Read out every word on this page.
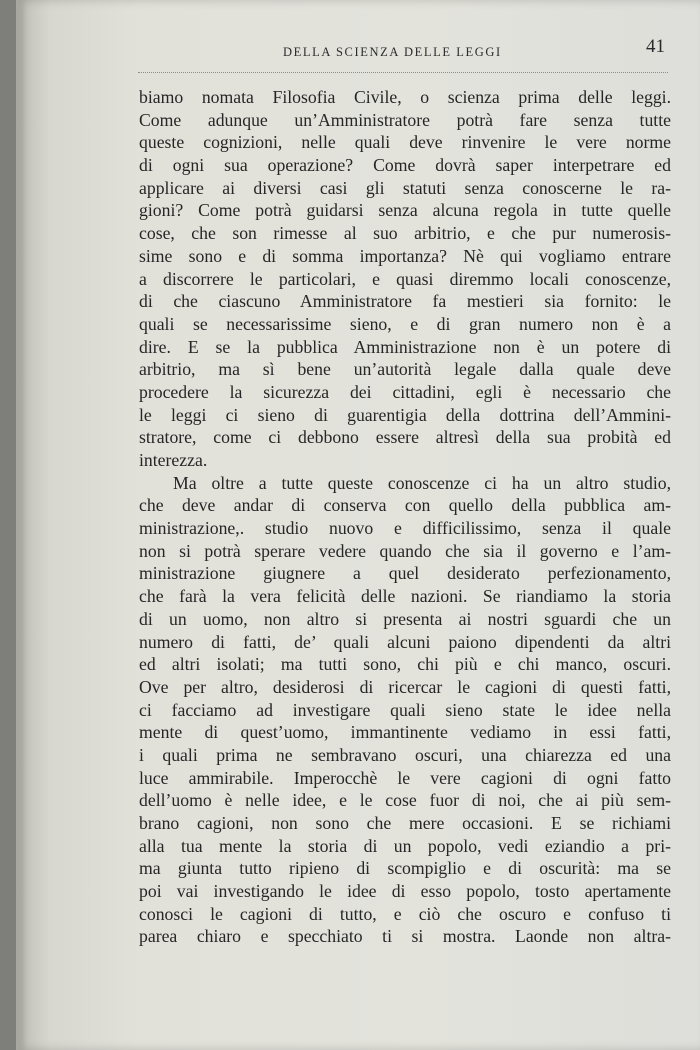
DELLA SCIENZA DELLE LEGGI	41
biamo nomata Filosofia Civile, o scienza prima delle leggi.
Come adunque un’Amministratore potrà fare senza tutte
queste cognizioni, nelle quali deve rinvenire le vere norme
di ogni sua operazione? Come dovrà saper interpetrare ed
applicare ai diversi casi gli statuti senza conoscerne le ra-
gioni? Come potrà guidarsi senza alcuna regola in tutte quelle
cose, che son rimesse al suo arbitrio, e che pur numerosis-
sime sono e di somma importanza? Nè qui vogliamo entrare
a discorrere le particolari, e quasi diremmo locali conoscenze,
di che ciascuno Amministratore fa mestieri sia fornito: le
quali se necessarissime sieno, e di gran numero non è a
dire. E se la pubblica Amministrazione non è un potere di
arbitrio, ma sì bene un’autorità legale dalla quale deve
procedere la sicurezza dei cittadini, egli è necessario che
le leggi ci sieno di guarentigia della dottrina dell’Ammini-
stratore, come ci debbono essere altresì della sua probità ed
interezza.
Ma oltre a tutte queste conoscenze ci ha un altro studio,
che deve andar di conserva con quello della pubblica am-
ministrazione,. studio nuovo e difficilissimo, senza il quale
non si potrà sperare vedere quando che sia il governo e l’am-
ministrazione giugnere a quel desiderato perfezionamento,
che farà la vera felicità delle nazioni. Se riandiamo la storia
di un uomo, non altro si presenta ai nostri sguardi che un
numero di fatti, de’ quali alcuni paiono dipendenti da altri
ed altri isolati; ma tutti sono, chi più e chi manco, oscuri.
Ove per altro, desiderosi di ricercar le cagioni di questi fatti,
ci facciamo ad investigare quali sieno state le idee nella
mente di quest’uomo, immantinente vediamo in essi fatti,
i quali prima ne sembravano oscuri, una chiarezza ed una
luce ammirabile. Imperocchè le vere cagioni di ogni fatto
dell’uomo è nelle idee, e le cose fuor di noi, che ai più sem-
brano cagioni, non sono che mere occasioni. E se richiami
alla tua mente la storia di un popolo, vedi eziandio a pri-
ma giunta tutto ripieno di scompiglio e di oscurità: ma se
poi vai investigando le idee di esso popolo, tosto apertamente
conosci le cagioni di tutto, e ciò che oscuro e confuso ti
parea chiaro e specchiato ti si mostra. Laonde non altra-
